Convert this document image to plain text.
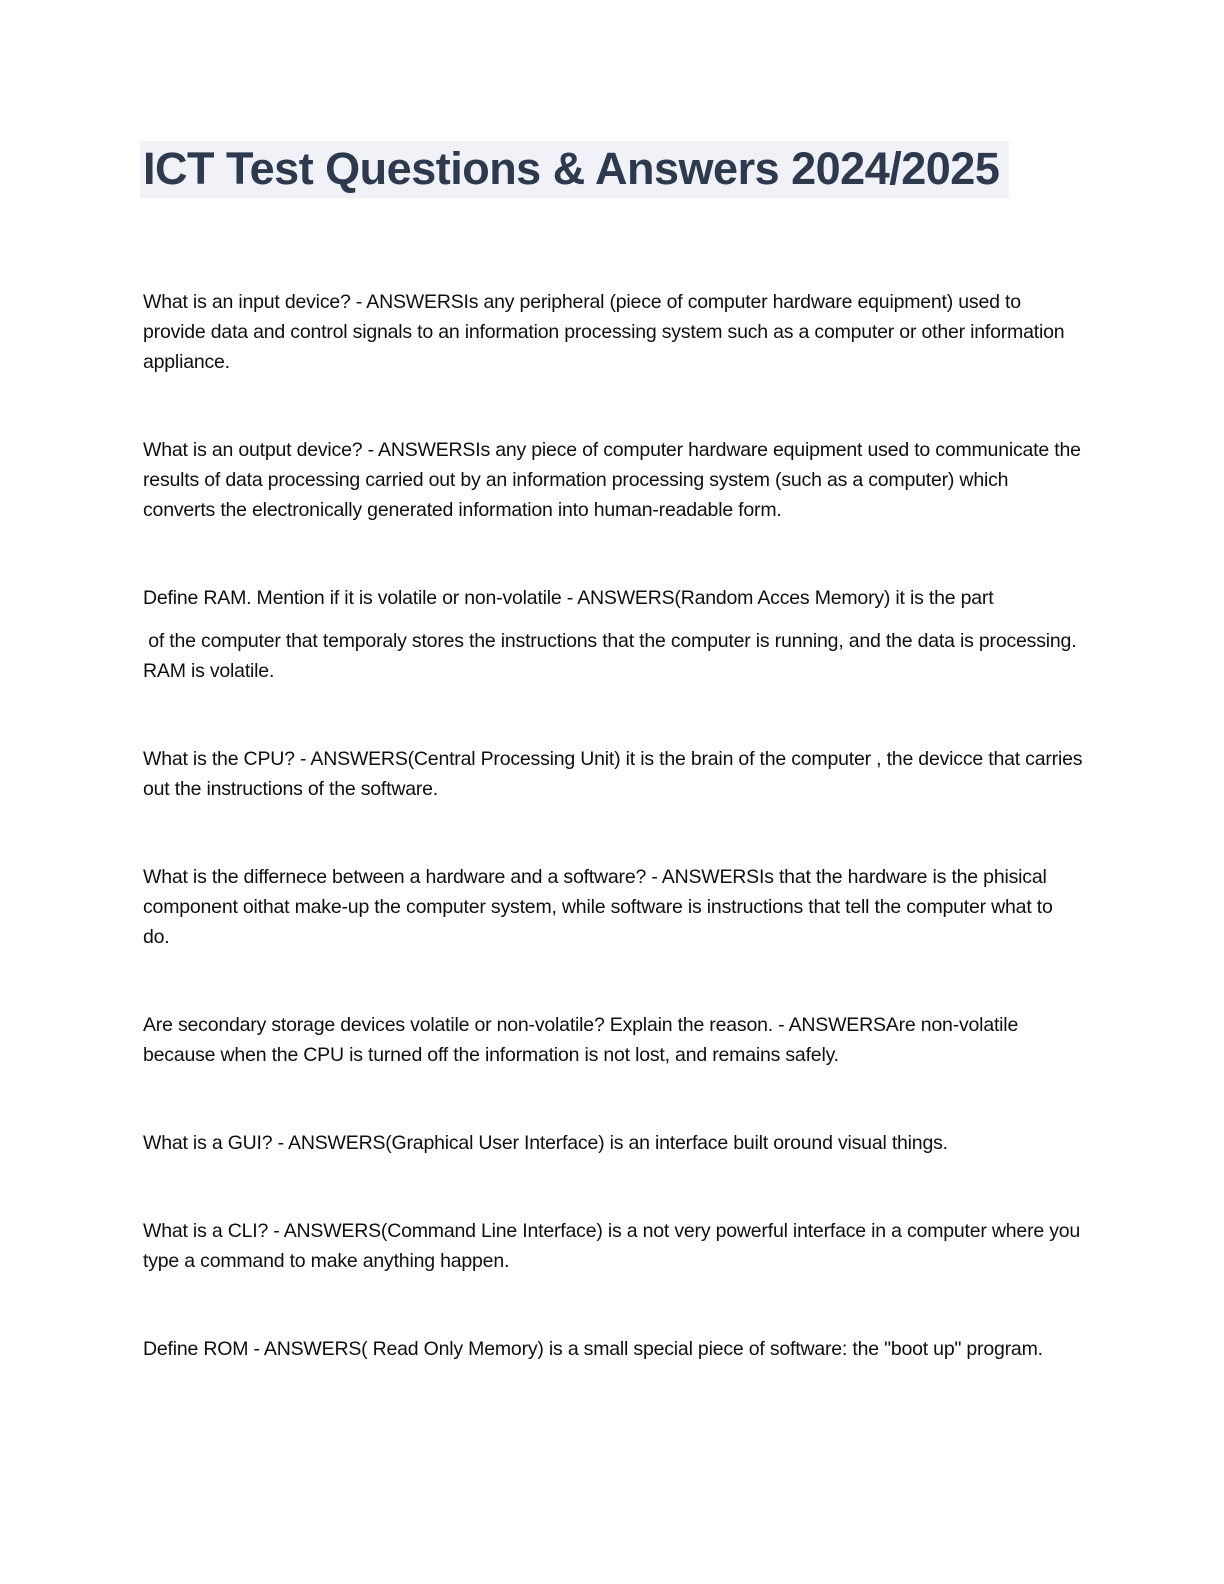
ICT Test Questions & Answers 2024/2025

What is an input device? - ANSWERSIs any peripheral (piece of computer hardware equipment) used to provide data and control signals to an information processing system such as a computer or other information appliance.

What is an output device? - ANSWERSIs any piece of computer hardware equipment used to communicate the results of data processing carried out by an information processing system (such as a computer) which converts the electronically generated information into human-readable form.

Define RAM. Mention if it is volatile or non-volatile - ANSWERS(Random Acces Memory) it is the part

of the computer that temporaly stores the instructions that the computer is running, and the data is processing. RAM is volatile.

What is the CPU? - ANSWERS(Central Processing Unit) it is the brain of the computer , the devicce that carries out the instructions of the software.

What is the differnece between a hardware and a software? - ANSWERSIs that the hardware is the phisical component oithat make-up the computer system, while software is instructions that tell the computer what to do.

Are secondary storage devices volatile or non-volatile? Explain the reason. - ANSWERSAre non-volatile because when the CPU is turned off the information is not lost, and remains safely.

What is a GUI? - ANSWERS(Graphical User Interface) is an interface built oround visual things.

What is a CLI? - ANSWERS(Command Line Interface) is a not very powerful interface in a computer where you type a command to make anything happen.

Define ROM - ANSWERS( Read Only Memory) is a small special piece of software: the "boot up" program.
